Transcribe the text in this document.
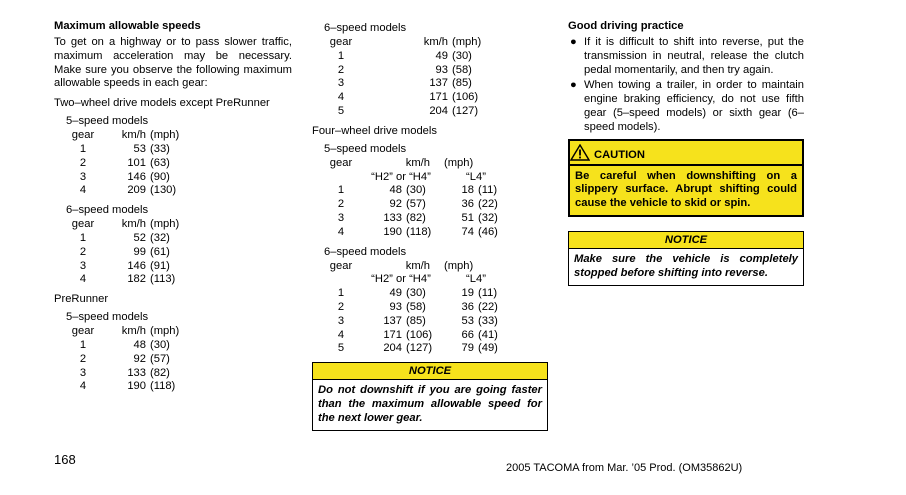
Maximum allowable speeds
To get on a highway or to pass slower traffic, maximum acceleration may be necessary. Make sure you observe the following maximum allowable speeds in each gear:
Two–wheel drive models except PreRunner
5–speed models
gear	km/h	(mph)
1	53	(33)
2	101	(63)
3	146	(90)
4	209	(130)
6–speed models
gear	km/h	(mph)
1	52	(32)
2	99	(61)
3	146	(91)
4	182	(113)
PreRunner
5–speed models
gear	km/h	(mph)
1	48	(30)
2	92	(57)
3	133	(82)
4	190	(118)
6–speed models
gear	km/h	(mph)
1	49	(30)
2	93	(58)
3	137	(85)
4	171	(106)
5	204	(127)
Four–wheel drive models
5–speed models
gear	km/h		(mph)	
	“H2” or “H4”		“L4”	
1	48	(30)	18	(11)
2	92	(57)	36	(22)
3	133	(82)	51	(32)
4	190	(118)	74	(46)
6–speed models
gear	km/h		(mph)	
	“H2” or “H4”		“L4”	
1	49	(30)	19	(11)
2	93	(58)	36	(22)
3	137	(85)	53	(33)
4	171	(106)	66	(41)
5	204	(127)	79	(49)
NOTICE
Do not downshift if you are going faster than the maximum allowable speed for the next lower gear.
Good driving practice
● If it is difficult to shift into reverse, put the transmission in neutral, release the clutch pedal momentarily, and then try again.
● When towing a trailer, in order to maintain engine braking efficiency, do not use fifth gear (5–speed models) or sixth gear (6–speed models).
CAUTION
Be careful when downshifting on a slippery surface. Abrupt shifting could cause the vehicle to skid or spin.
NOTICE
Make sure the vehicle is completely stopped before shifting into reverse.
168
2005 TACOMA from Mar. ’05 Prod. (OM35862U)
